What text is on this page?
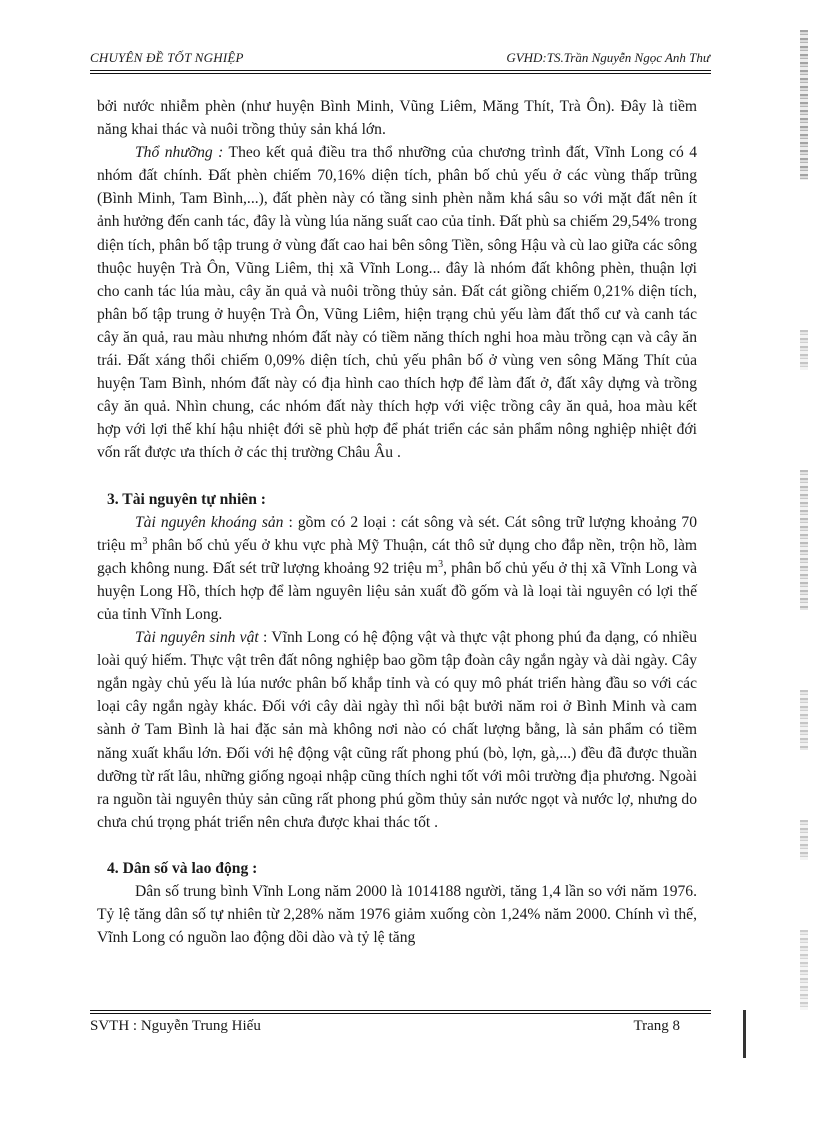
CHUYÊN ĐỀ TỐT NGHIỆP	GVHD:TS.Trần Nguyễn Ngọc Anh Thư

bởi nước nhiễm phèn (như huyện Bình Minh, Vũng Liêm, Măng Thít, Trà Ôn). Đây là tiềm năng khai thác và nuôi trồng thủy sản khá lớn.

Thổ nhưỡng : Theo kết quả điều tra thổ nhưỡng của chương trình đất, Vĩnh Long có 4 nhóm đất chính. Đất phèn chiếm 70,16% diện tích, phân bố chủ yếu ở các vùng thấp trũng (Bình Minh, Tam Bình,...), đất phèn này có tầng sinh phèn nằm khá sâu so với mặt đất nên ít ảnh hưởng đến canh tác, đây là vùng lúa năng suất cao của tỉnh. Đất phù sa chiếm 29,54% trong diện tích, phân bố tập trung ở vùng đất cao hai bên sông Tiền, sông Hậu và cù lao giữa các sông thuộc huyện Trà Ôn, Vũng Liêm, thị xã Vĩnh Long... đây là nhóm đất không phèn, thuận lợi cho canh tác lúa màu, cây ăn quả và nuôi trồng thủy sản. Đất cát giồng chiếm 0,21% diện tích, phân bố tập trung ở huyện Trà Ôn, Vũng Liêm, hiện trạng chủ yếu làm đất thổ cư và canh tác cây ăn quả, rau màu nhưng nhóm đất này có tiềm năng thích nghi hoa màu trồng cạn và cây ăn trái. Đất xáng thổi chiếm 0,09% diện tích, chủ yếu phân bố ở vùng ven sông Măng Thít của huyện Tam Bình, nhóm đất này có địa hình cao thích hợp để làm đất ở, đất xây dựng và trồng cây ăn quả. Nhìn chung, các nhóm đất này thích hợp với việc trồng cây ăn quả, hoa màu kết hợp với lợi thế khí hậu nhiệt đới sẽ phù hợp để phát triển các sản phẩm nông nghiệp nhiệt đới vốn rất được ưa thích ở các thị trường Châu Âu .

3. Tài nguyên tự nhiên :

Tài nguyên khoáng sản : gồm có 2 loại : cát sông và sét. Cát sông trữ lượng khoảng 70 triệu $m^3$ phân bố chủ yếu ở khu vực phà Mỹ Thuận, cát thô sử dụng cho đắp nền, trộn hồ, làm gạch không nung. Đất sét trữ lượng khoảng 92 triệu $m^3$, phân bố chủ yếu ở thị xã Vĩnh Long và huyện Long Hồ, thích hợp để làm nguyên liệu sản xuất đồ gốm và là loại tài nguyên có lợi thế của tỉnh Vĩnh Long.

Tài nguyên sinh vật : Vĩnh Long có hệ động vật và thực vật phong phú đa dạng, có nhiều loài quý hiếm. Thực vật trên đất nông nghiệp bao gồm tập đoàn cây ngắn ngày và dài ngày. Cây ngắn ngày chủ yếu là lúa nước phân bố khắp tỉnh và có quy mô phát triển hàng đầu so với các loại cây ngắn ngày khác. Đối với cây dài ngày thì nổi bật bưởi năm roi ở Bình Minh và cam sành ở Tam Bình là hai đặc sản mà không nơi nào có chất lượng bằng, là sản phẩm có tiềm năng xuất khẩu lớn. Đối với hệ động vật cũng rất phong phú (bò, lợn, gà,...) đều đã được thuần dưỡng từ rất lâu, những giống ngoại nhập cũng thích nghi tốt với môi trường địa phương. Ngoài ra nguồn tài nguyên thủy sản cũng rất phong phú gồm thủy sản nước ngọt và nước lợ, nhưng do chưa chú trọng phát triển nên chưa được khai thác tốt .

4. Dân số và lao động :

Dân số trung bình Vĩnh Long năm 2000 là 1014188 người, tăng 1,4 lần so với năm 1976. Tỷ lệ tăng dân số tự nhiên từ 2,28% năm 1976 giảm xuống còn 1,24% năm 2000. Chính vì thế, Vĩnh Long có nguồn lao động dồi dào và tỷ lệ tăng

SVTH : Nguyễn Trung Hiếu	Trang 8
